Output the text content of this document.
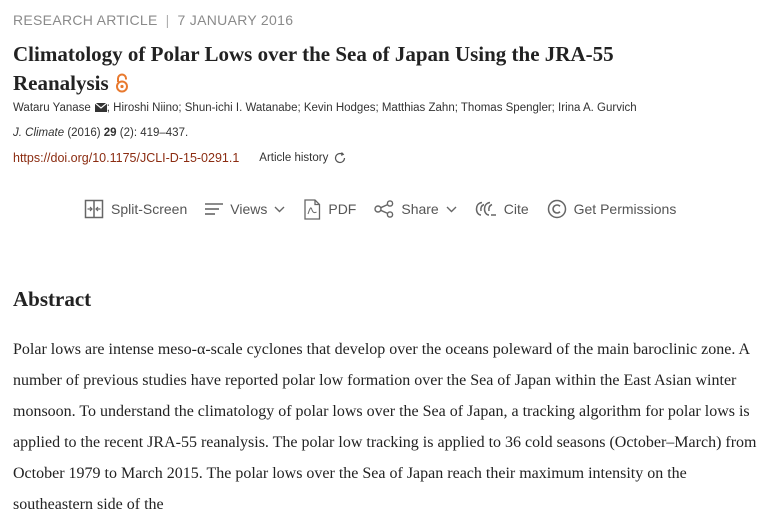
RESEARCH ARTICLE | 7 JANUARY 2016
Climatology of Polar Lows over the Sea of Japan Using the JRA-55 Reanalysis
Wataru Yanase ; Hiroshi Niino; Shun-ichi I. Watanabe; Kevin Hodges; Matthias Zahn; Thomas Spengler; Irina A. Gurvich
J. Climate (2016) 29 (2): 419–437.
https://doi.org/10.1175/JCLI-D-15-0291.1 Article history
Split-Screen	Views	PDF	Share	Cite	Get Permissions
Abstract

Polar lows are intense meso-α-scale cyclones that develop over the oceans poleward of the main baroclinic zone. A number of previous studies have reported polar low formation over the Sea of Japan within the East Asian winter monsoon. To understand the climatology of polar lows over the Sea of Japan, a tracking algorithm for polar lows is applied to the recent JRA-55 reanalysis. The polar low tracking is applied to 36 cold seasons (October–March) from October 1979 to March 2015. The polar lows over the Sea of Japan reach their maximum intensity on the southeastern side of the
